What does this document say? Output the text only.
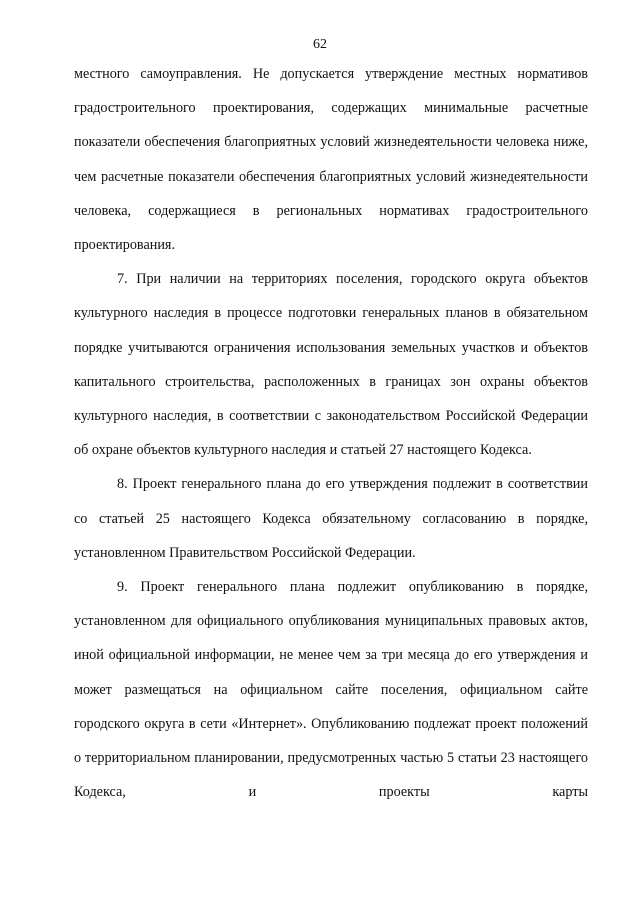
62

местного самоуправления. Не допускается утверждение местных нормативов градостроительного проектирования, содержащих минимальные расчетные показатели обеспечения благоприятных условий жизнедеятельности человека ниже, чем расчетные показатели обеспечения благоприятных условий жизнедеятельности человека, содержащиеся в региональных нормативах градостроительного проектирования.

7. При наличии на территориях поселения, городского округа объектов культурного наследия в процессе подготовки генеральных планов в обязательном порядке учитываются ограничения использования земельных участков и объектов капитального строительства, расположенных в границах зон охраны объектов культурного наследия, в соответствии с законодательством Российской Федерации об охране объектов культурного наследия и статьей 27 настоящего Кодекса.

8. Проект генерального плана до его утверждения подлежит в соответствии со статьей 25 настоящего Кодекса обязательному согласованию в порядке, установленном Правительством Российской Федерации.

9. Проект генерального плана подлежит опубликованию в порядке, установленном для официального опубликования муниципальных правовых актов, иной официальной информации, не менее чем за три месяца до его утверждения и может размещаться на официальном сайте поселения, официальном сайте городского округа в сети «Интернет». Опубликованию подлежат проект положений о территориальном планировании, предусмотренных частью 5 статьи 23 настоящего Кодекса, и проекты карты
